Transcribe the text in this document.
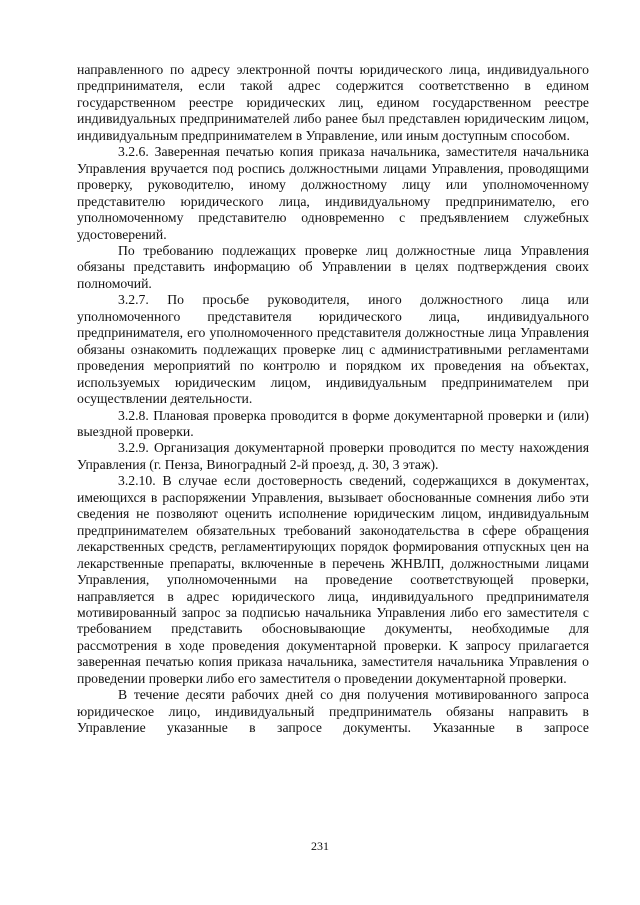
направленного по адресу электронной почты юридического лица, индивидуального предпринимателя, если такой адрес содержится соответственно в едином государственном реестре юридических лиц, едином государственном реестре индивидуальных предпринимателей либо ранее был представлен юридическим лицом, индивидуальным предпринимателем в Управление, или иным доступным способом.

3.2.6. Заверенная печатью копия приказа начальника, заместителя начальника Управления вручается под роспись должностными лицами Управления, проводящими проверку, руководителю, иному должностному лицу или уполномоченному представителю юридического лица, индивидуальному предпринимателю, его уполномоченному представителю одновременно с предъявлением служебных удостоверений.

По требованию подлежащих проверке лиц должностные лица Управления обязаны представить информацию об Управлении в целях подтверждения своих полномочий.

3.2.7. По просьбе руководителя, иного должностного лица или уполномоченного представителя юридического лица, индивидуального предпринимателя, его уполномоченного представителя должностные лица Управления обязаны ознакомить подлежащих проверке лиц с административными регламентами проведения мероприятий по контролю и порядком их проведения на объектах, используемых юридическим лицом, индивидуальным предпринимателем при осуществлении деятельности.

3.2.8. Плановая проверка проводится в форме документарной проверки и (или) выездной проверки.

3.2.9. Организация документарной проверки проводится по месту нахождения Управления (г. Пенза, Виноградный 2-й проезд, д. 30, 3 этаж).

3.2.10. В случае если достоверность сведений, содержащихся в документах, имеющихся в распоряжении Управления, вызывает обоснованные сомнения либо эти сведения не позволяют оценить исполнение юридическим лицом, индивидуальным предпринимателем обязательных требований законодательства в сфере обращения лекарственных средств, регламентирующих порядок формирования отпускных цен на лекарственные препараты, включенные в перечень ЖНВЛП, должностными лицами Управления, уполномоченными на проведение соответствующей проверки, направляется в адрес юридического лица, индивидуального предпринимателя мотивированный запрос за подписью начальника Управления либо его заместителя с требованием представить обосновывающие документы, необходимые для рассмотрения в ходе проведения документарной проверки. К запросу прилагается заверенная печатью копия приказа начальника, заместителя начальника Управления о проведении проверки либо его заместителя о проведении документарной проверки.

В течение десяти рабочих дней со дня получения мотивированного запроса юридическое лицо, индивидуальный предприниматель обязаны направить в Управление указанные в запросе документы. Указанные в запросе

231
